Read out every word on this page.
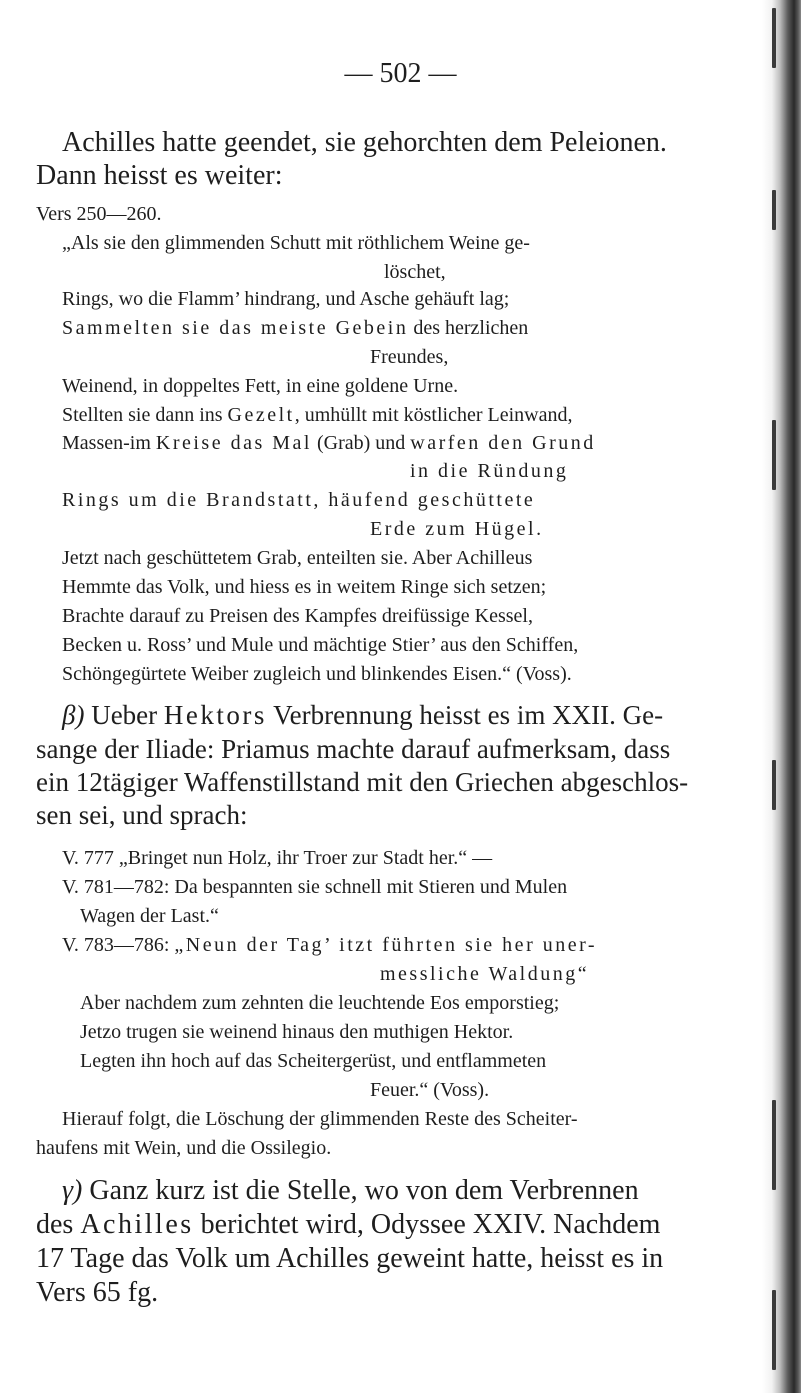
— 502 —
Achilles hatte geendet, sie gehorchten dem Peleionen.
Dann heisst es weiter:
Vers 250—260.
„Als sie den glimmenden Schutt mit röthlichem Weine ge-
löschet,
Rings, wo die Flamm’ hindrang, und Asche gehäuft lag;
Sammelten sie das meiste Gebein des herzlichen
Freundes,
Weinend, in doppeltes Fett, in eine goldene Urne.
Stellten sie dann ins Gezelt, umhüllt mit köstlicher Leinwand,
Massen-im Kreise das Mal (Grab) und warfen den Grund
in die Ründung
Rings um die Brandstatt, häufend geschüttete
Erde zum Hügel.
Jetzt nach geschüttetem Grab, enteilten sie. Aber Achilleus
Hemmte das Volk, und hiess es in weitem Ringe sich setzen;
Brachte darauf zu Preisen des Kampfes dreifüssige Kessel,
Becken u. Ross’ und Mule und mächtige Stier’ aus den Schiffen,
Schöngegürtete Weiber zugleich und blinkendes Eisen.“ (Voss).
β) Ueber Hektors Verbrennung heisst es im XXII. Ge-
sange der Iliade: Priamus machte darauf aufmerksam, dass
ein 12tägiger Waffenstillstand mit den Griechen abgeschlos-
sen sei, und sprach:
V. 777 „Bringet nun Holz, ihr Troer zur Stadt her.“ —
V. 781—782: Da bespannten sie schnell mit Stieren und Mulen
Wagen der Last.“
V. 783—786: „Neun der Tag’ itzt führten sie her uner-
messliche Waldung“
Aber nachdem zum zehnten die leuchtende Eos emporstieg;
Jetzo trugen sie weinend hinaus den muthigen Hektor.
Legten ihn hoch auf das Scheitergerüst, und entflammeten
Feuer.“ (Voss).
Hierauf folgt, die Löschung der glimmenden Reste des Scheiter-
haufens mit Wein, und die Ossilegio.
γ) Ganz kurz ist die Stelle, wo von dem Verbrennen
des Achilles berichtet wird, Odyssee XXIV. Nachdem
17 Tage das Volk um Achilles geweint hatte, heisst es in
Vers 65 fg.
